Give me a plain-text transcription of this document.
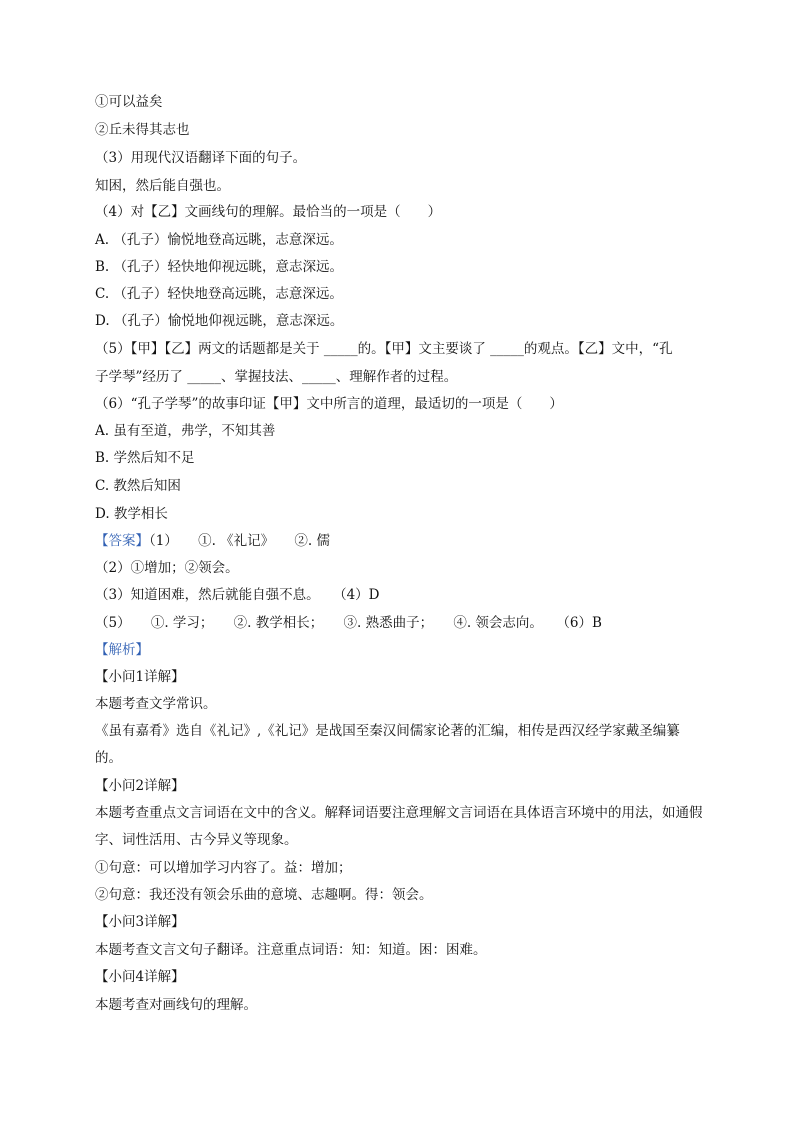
①可以益矣
②丘未得其志也
（3）用现代汉语翻译下面的句子。
知困，然后能自强也。
（4）对【乙】文画线句的理解。最恰当的一项是（　　）
A. （孔子）愉悦地登高远眺，志意深远。
B. （孔子）轻快地仰视远眺，意志深远。
C. （孔子）轻快地登高远眺，志意深远。
D. （孔子）愉悦地仰视远眺，意志深远。
（5）【甲】【乙】两文的话题都是关于 _____的。【甲】文主要谈了 _____的观点。【乙】文中，“孔
子学琴”经历了 _____、掌握技法、_____、理解作者的过程。
（6）“孔子学琴”的故事印证【甲】文中所言的道理，最适切的一项是（　　）
A. 虽有至道，弗学，不知其善
B. 学然后知不足
C. 教然后知困
D. 教学相长
【答案】（1）　　①. 《礼记》　　②. 儒
（2）①增加；②领会。
（3）知道困难，然后就能自强不息。　　（4）D
（5）　　①. 学习；　　②. 教学相长；　　③. 熟悉曲子；　　④. 领会志向。　　（6）B
【解析】
【小问1详解】
本题考查文学常识。
《虽有嘉肴》选自《礼记》,《礼记》是战国至秦汉间儒家论著的汇编，相传是西汉经学家戴圣编纂的。
【小问2详解】
本题考查重点文言词语在文中的含义。解释词语要注意理解文言词语在具体语言环境中的用法，如通假字、词性活用、古今异义等现象。
①句意：可以增加学习内容了。益：增加；
②句意：我还没有领会乐曲的意境、志趣啊。得：领会。
【小问3详解】
本题考查文言文句子翻译。注意重点词语：知：知道。困：困难。
【小问4详解】
本题考查对画线句的理解。
